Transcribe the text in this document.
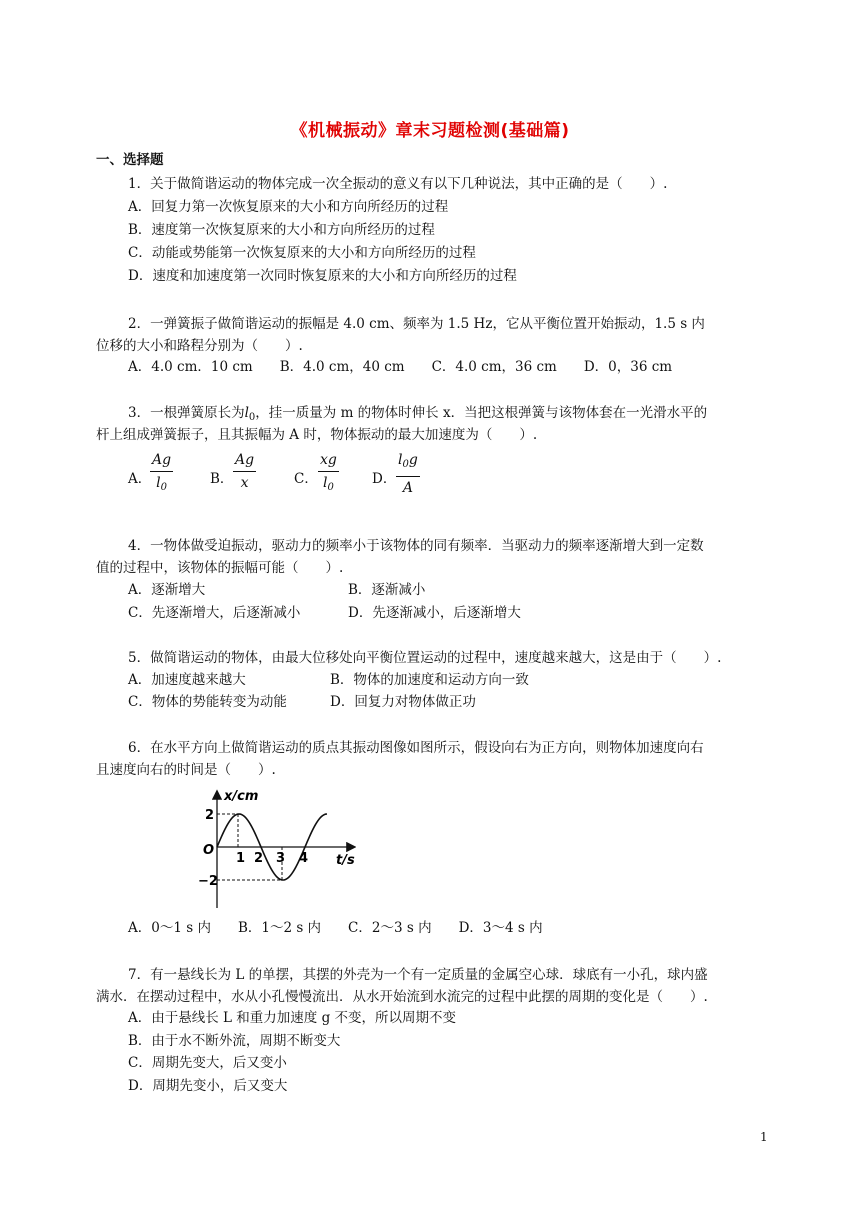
《机械振动》章末习题检测(基础篇)
一、选择题
1．关于做简谐运动的物体完成一次全振动的意义有以下几种说法，其中正确的是（　　）.
A．回复力第一次恢复原来的大小和方向所经历的过程
B．速度第一次恢复原来的大小和方向所经历的过程
C．动能或势能第一次恢复原来的大小和方向所经历的过程
D．速度和加速度第一次同时恢复原来的大小和方向所经历的过程
2．一弹簧振子做简谐运动的振幅是 4.0 cm、频率为 1.5 Hz，它从平衡位置开始振动，1.5 s 内
位移的大小和路程分别为（　　）.
A．4.0 cm．10 cm　　B．4.0 cm，40 cm　　C．4.0 cm，36 cm　　D．0，36 cm
3．一根弹簧原长为$l_0$，挂一质量为 m 的物体时伸长 x．当把这根弹簧与该物体套在一光滑水平的
杆上组成弹簧振子，且其振幅为 A 时，物体振动的最大加速度为（　　）.
A．
$\frac{Ag}{l_0}$	B． $\frac{Ag}{x}$	C． $\frac{xg}{l_0}$ D． $\frac{l_0g}{A}$
4．一物体做受迫振动，驱动力的频率小于该物体的同有频率．当驱动力的频率逐渐增大到一定数
值的过程中，该物体的振幅可能（　　）.
A．逐渐增大	B．逐渐减小
C．先逐渐增大，后逐渐减小	D．先逐渐减小，后逐渐增大
5．做简谐运动的物体，由最大位移处向平衡位置运动的过程中，速度越来越大，这是由于（　　）.
A．加速度越来越大	B．物体的加速度和运动方向一致
C．物体的势能转变为动能	D．回复力对物体做正功
6．在水平方向上做简谐运动的质点其振动图像如图所示，假设向右为正方向，则物体加速度向右
且速度向右的时间是（　　）.
x/cm
t/s
O
2
−2
1 2 3 4
A．0～1 s 内　　B．1～2 s 内　　C．2～3 s 内　　D．3～4 s 内
7．有一悬线长为 L 的单摆，其摆的外壳为一个有一定质量的金属空心球．球底有一小孔，球内盛
满水．在摆动过程中，水从小孔慢慢流出．从水开始流到水流完的过程中此摆的周期的变化是（　　）.
A．由于悬线长 L 和重力加速度 g 不变，所以周期不变
B．由于水不断外流，周期不断变大
C．周期先变大，后又变小
D．周期先变小，后又变大
1
